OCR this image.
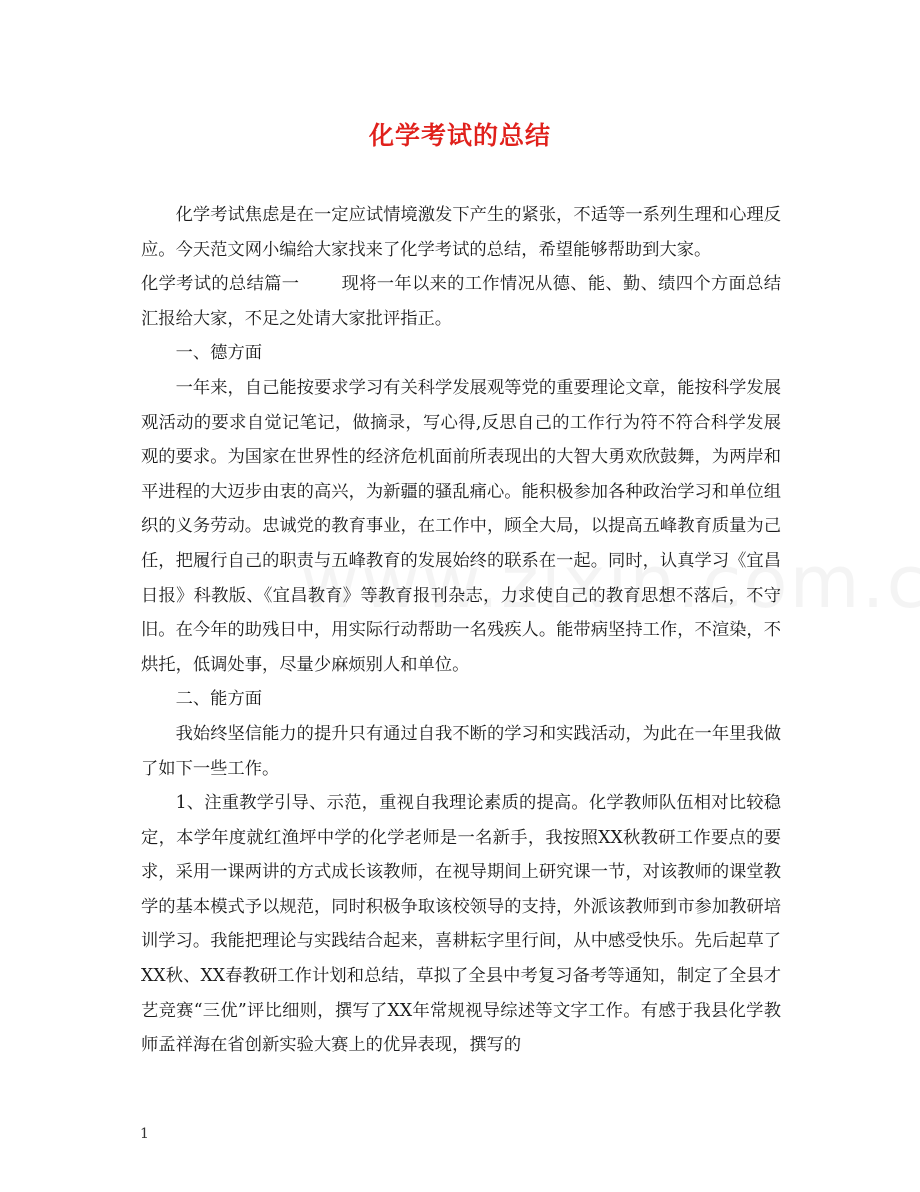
化学考试的总结

化学考试焦虑是在一定应试情境激发下产生的紧张，不适等一系列生理和心理反应。今天范文网小编给大家找来了化学考试的总结，希望能够帮助到大家。

化学考试的总结篇一 现将一年以来的工作情况从德、能、勤、绩四个方面总结汇报给大家，不足之处请大家批评指正。

一、德方面

一年来，自己能按要求学习有关科学发展观等党的重要理论文章，能按科学发展观活动的要求自觉记笔记，做摘录，写心得,反思自己的工作行为符不符合科学发展观的要求。为国家在世界性的经济危机面前所表现出的大智大勇欢欣鼓舞，为两岸和平进程的大迈步由衷的高兴，为新疆的骚乱痛心。能积极参加各种政治学习和单位组织的义务劳动。忠诚党的教育事业，在工作中，顾全大局，以提高五峰教育质量为己任，把履行自己的职责与五峰教育的发展始终的联系在一起。同时，认真学习《宜昌日报》科教版、《宜昌教育》等教育报刊杂志，力求使自己的教育思想不落后，不守旧。在今年的助残日中，用实际行动帮助一名残疾人。能带病坚持工作，不渲染，不烘托，低调处事，尽量少麻烦别人和单位。

二、能方面

我始终坚信能力的提升只有通过自我不断的学习和实践活动，为此在一年里我做了如下一些工作。

1、注重教学引导、示范，重视自我理论素质的提高。化学教师队伍相对比较稳定，本学年度就红渔坪中学的化学老师是一名新手，我按照XX秋教研工作要点的要求，采用一课两讲的方式成长该教师，在视导期间上研究课一节，对该教师的课堂教学的基本模式予以规范，同时积极争取该校领导的支持，外派该教师到市参加教研培训学习。我能把理论与实践结合起来，喜耕耘字里行间，从中感受快乐。先后起草了XX秋、XX春教研工作计划和总结，草拟了全县中考复习备考等通知，制定了全县才艺竞赛“三优”评比细则，撰写了XX年常规视导综述等文字工作。有感于我县化学教师孟祥海在省创新实验大赛上的优异表现，撰写的

1
